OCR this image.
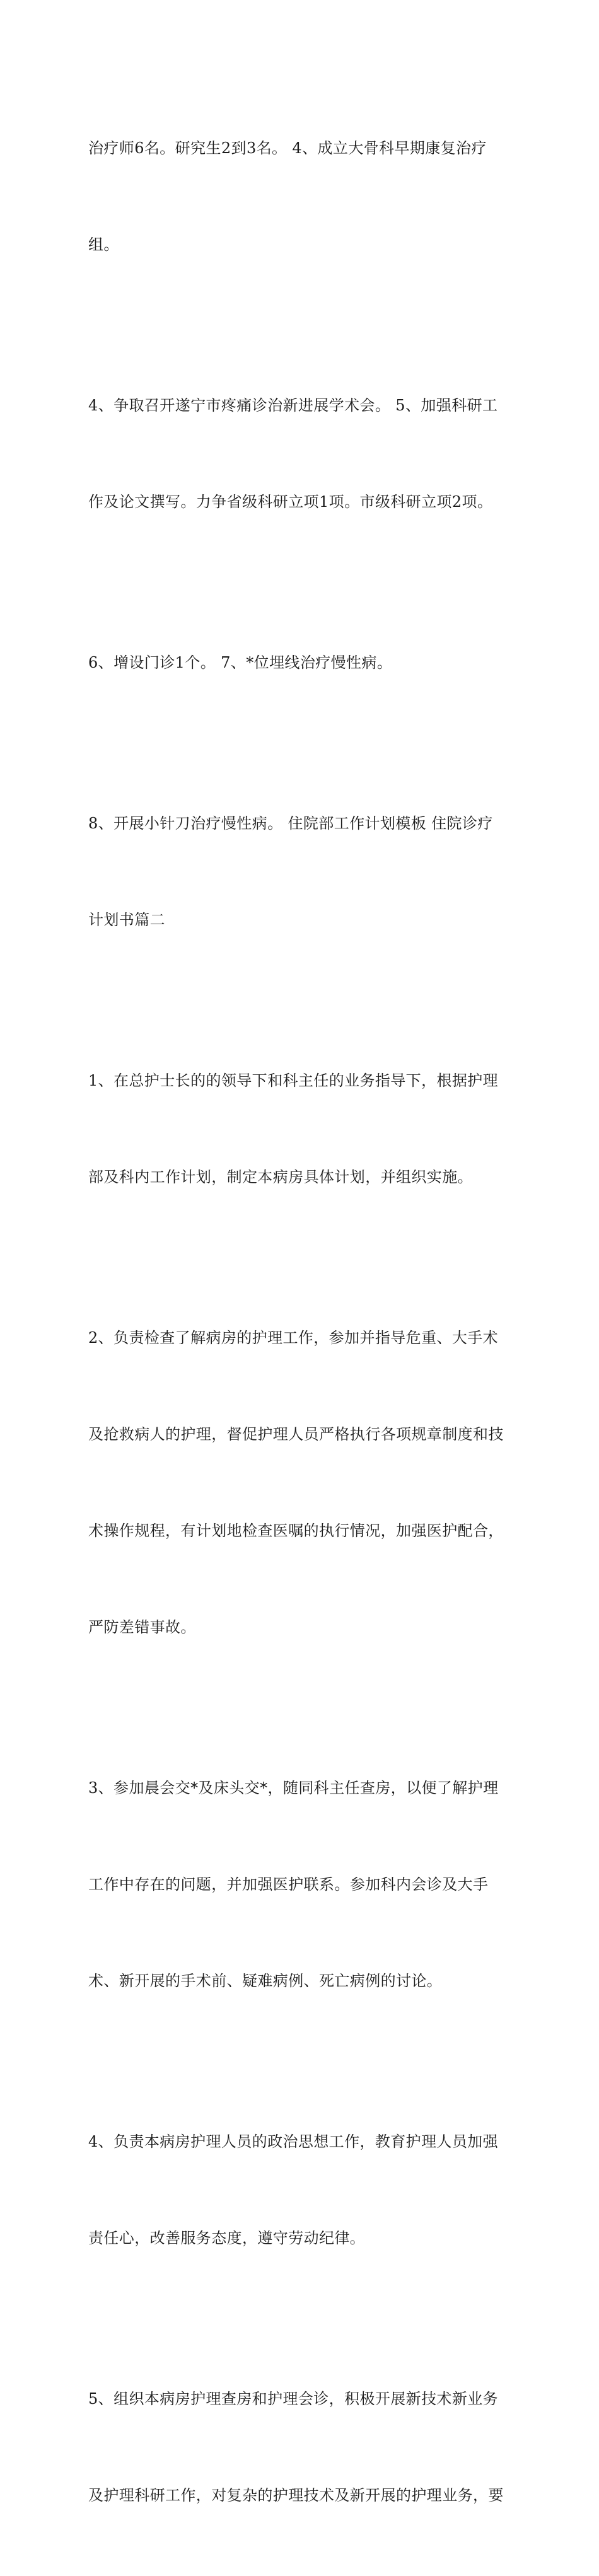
治疗师6名。研究生2到3名。 4、成立大骨科早期康复治疗

组。

4、争取召开遂宁市疼痛诊治新进展学术会。 5、加强科研工

作及论文撰写。力争省级科研立项1项。市级科研立项2项。

6、增设门诊1个。 7、*位埋线治疗慢性病。

8、开展小针刀治疗慢性病。 住院部工作计划模板 住院诊疗

计划书篇二

1、在总护士长的的领导下和科主任的业务指导下，根据护理

部及科内工作计划，制定本病房具体计划，并组织实施。

2、负责检查了解病房的护理工作，参加并指导危重、大手术

及抢救病人的护理，督促护理人员严格执行各项规章制度和技

术操作规程，有计划地检查医嘱的执行情况，加强医护配合，

严防差错事故。

3、参加晨会交*及床头交*，随同科主任查房，以便了解护理

工作中存在的问题，并加强医护联系。参加科内会诊及大手

术、新开展的手术前、疑难病例、死亡病例的讨论。

4、负责本病房护理人员的政治思想工作，教育护理人员加强

责任心，改善服务态度，遵守劳动纪律。

5、组织本病房护理查房和护理会诊，积极开展新技术新业务

及护理科研工作，对复杂的护理技术及新开展的护理业务，要
